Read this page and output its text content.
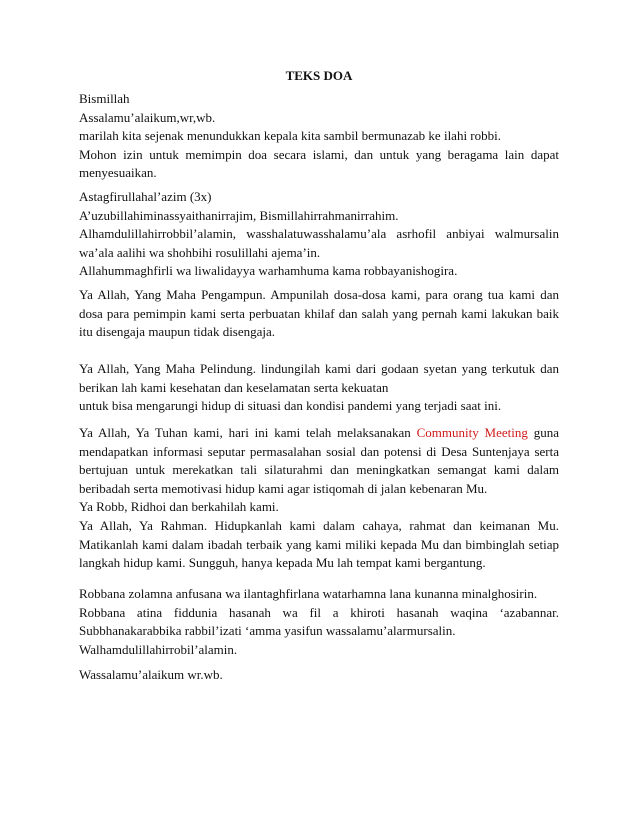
TEKS DOA

Bismillah

Assalamu’alaikum,wr,wb.

marilah kita sejenak menundukkan kepala kita sambil bermunazab ke ilahi robbi.

Mohon izin untuk memimpin doa secara islami, dan untuk yang beragama lain dapat menyesuaikan.

Astagfirullahal’azim (3x)

A’uzubillahiminassyaithanirrajim, Bismillahirrahmanirrahim.

Alhamdulillahirrobbil’alamin, wasshalatuwasshalamu’ala asrhofil anbiyai walmursalin wa’ala aalihi wa shohbihi rosulillahi ajema’in.

Allahummaghfirli wa liwalidayya warhamhuma kama robbayanishogira.

Ya Allah, Yang Maha Pengampun. Ampunilah dosa-dosa kami, para orang tua kami dan dosa para pemimpin kami serta perbuatan khilaf dan salah yang pernah kami lakukan baik itu disengaja maupun tidak disengaja.

Ya Allah, Yang Maha Pelindung. lindungilah kami dari godaan syetan yang terkutuk dan berikan lah kami kesehatan dan keselamatan serta kekuatan

untuk bisa mengarungi hidup di situasi dan kondisi pandemi yang terjadi saat ini.

Ya Allah, Ya Tuhan kami, hari ini kami telah melaksanakan Community Meeting guna mendapatkan informasi seputar permasalahan sosial dan potensi di Desa Suntenjaya serta bertujuan untuk merekatkan tali silaturahmi dan meningkatkan semangat kami dalam beribadah serta memotivasi hidup kami agar istiqomah di jalan kebenaran Mu.

Ya Robb, Ridhoi dan berkahilah kami.

Ya Allah, Ya Rahman. Hidupkanlah kami dalam cahaya, rahmat dan keimanan Mu. Matikanlah kami dalam ibadah terbaik yang kami miliki kepada Mu dan bimbinglah setiap langkah hidup kami. Sungguh, hanya kepada Mu lah tempat kami bergantung.

Robbana zolamna anfusana wa ilantaghfirlana watarhamna lana kunanna minalghosirin.

Robbana atina fiddunia hasanah wa fil a khiroti hasanah waqina ‘azabannar. Subbhanakarabbika rabbil’izati ‘amma yasifun wassalamu’alarmursalin.

Walhamdulillahirrobil’alamin.

Wassalamu’alaikum wr.wb.
